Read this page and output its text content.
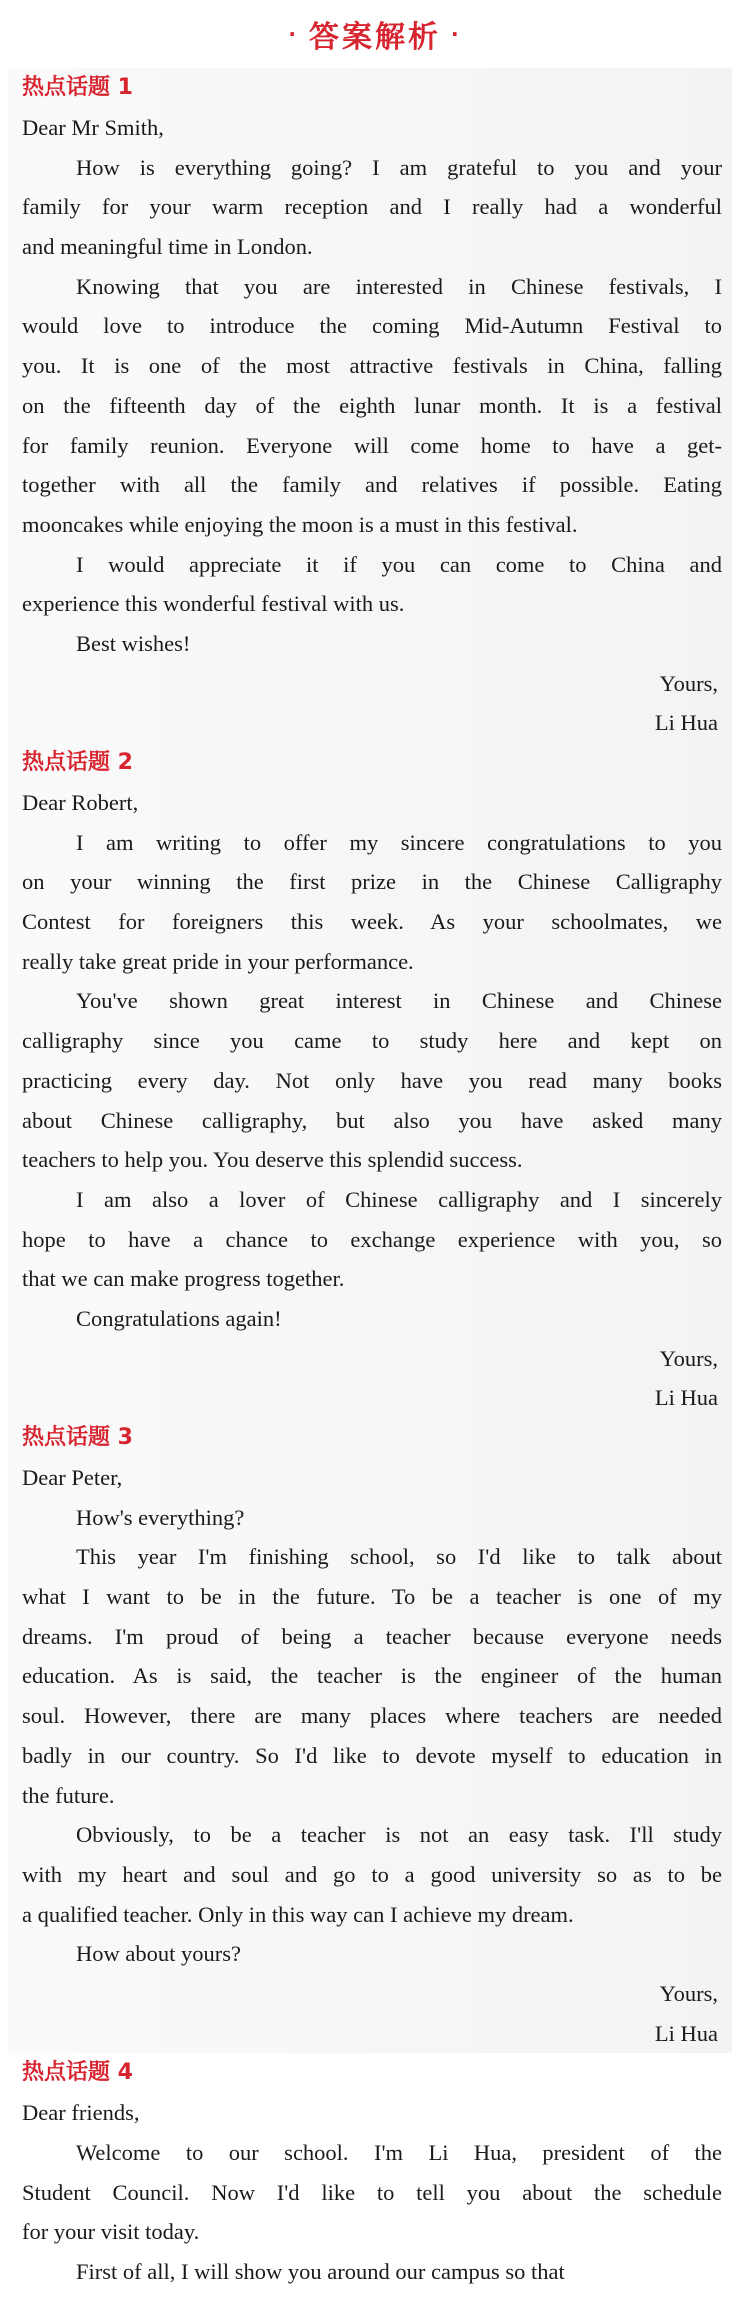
· 答案解析 ·
热点话题 1
Dear Mr Smith,
How is everything going? I am grateful to you and your
family for your warm reception and I really had a wonderful
and meaningful time in London.
Knowing that you are interested in Chinese festivals, I
would love to introduce the coming Mid-Autumn Festival to
you. It is one of the most attractive festivals in China, falling
on the fifteenth day of the eighth lunar month. It is a festival
for family reunion. Everyone will come home to have a get-
together with all the family and relatives if possible. Eating
mooncakes while enjoying the moon is a must in this festival.
I would appreciate it if you can come to China and
experience this wonderful festival with us.
Best wishes!
Yours,
Li Hua
热点话题 2
Dear Robert,
I am writing to offer my sincere congratulations to you
on your winning the first prize in the Chinese Calligraphy
Contest for foreigners this week. As your schoolmates, we
really take great pride in your performance.
You've shown great interest in Chinese and Chinese
calligraphy since you came to study here and kept on
practicing every day. Not only have you read many books
about Chinese calligraphy, but also you have asked many
teachers to help you. You deserve this splendid success.
I am also a lover of Chinese calligraphy and I sincerely
hope to have a chance to exchange experience with you, so
that we can make progress together.
Congratulations again!
Yours,
Li Hua
热点话题 3
Dear Peter,
How's everything?
This year I'm finishing school, so I'd like to talk about
what I want to be in the future. To be a teacher is one of my
dreams. I'm proud of being a teacher because everyone needs
education. As is said, the teacher is the engineer of the human
soul. However, there are many places where teachers are needed
badly in our country. So I'd like to devote myself to education in
the future.
Obviously, to be a teacher is not an easy task. I'll study
with my heart and soul and go to a good university so as to be
a qualified teacher. Only in this way can I achieve my dream.
How about yours?
Yours,
Li Hua
热点话题 4
Dear friends,
Welcome to our school. I'm Li Hua, president of the
Student Council. Now I'd like to tell you about the schedule
for your visit today.
First of all, I will show you around our campus so that
